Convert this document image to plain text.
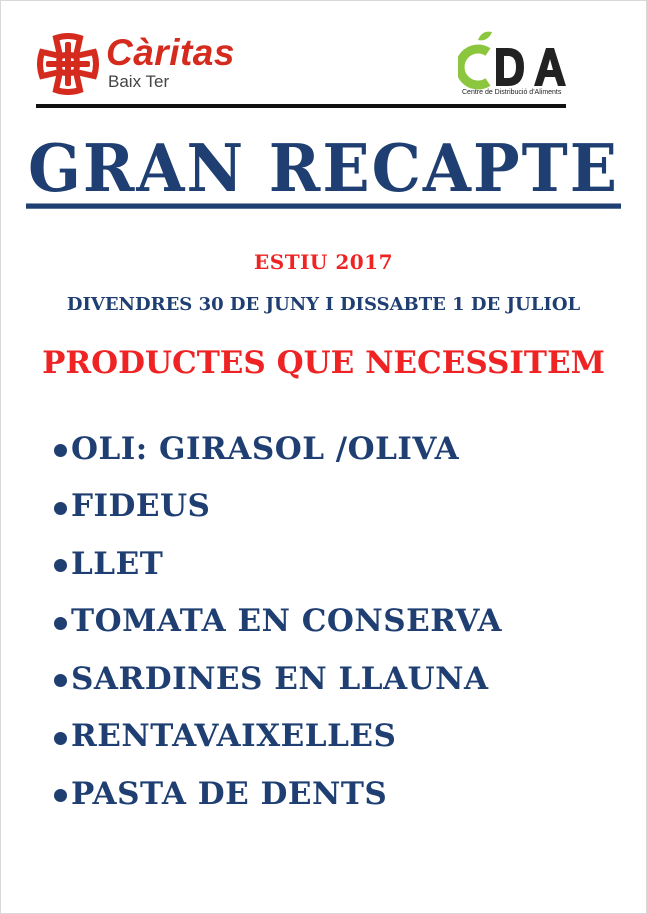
Càritas
Baix Ter
Centre de Distribució d'Aliments
GRAN RECAPTE
ESTIU 2017
DIVENDRES 30 DE JUNY I DISSABTE 1 DE JULIOL
PRODUCTES QUE NECESSITEM
OLI: GIRASOL /OLIVA
FIDEUS
LLET
TOMATA EN CONSERVA
SARDINES EN LLAUNA
RENTAVAIXELLES
PASTA DE DENTS
